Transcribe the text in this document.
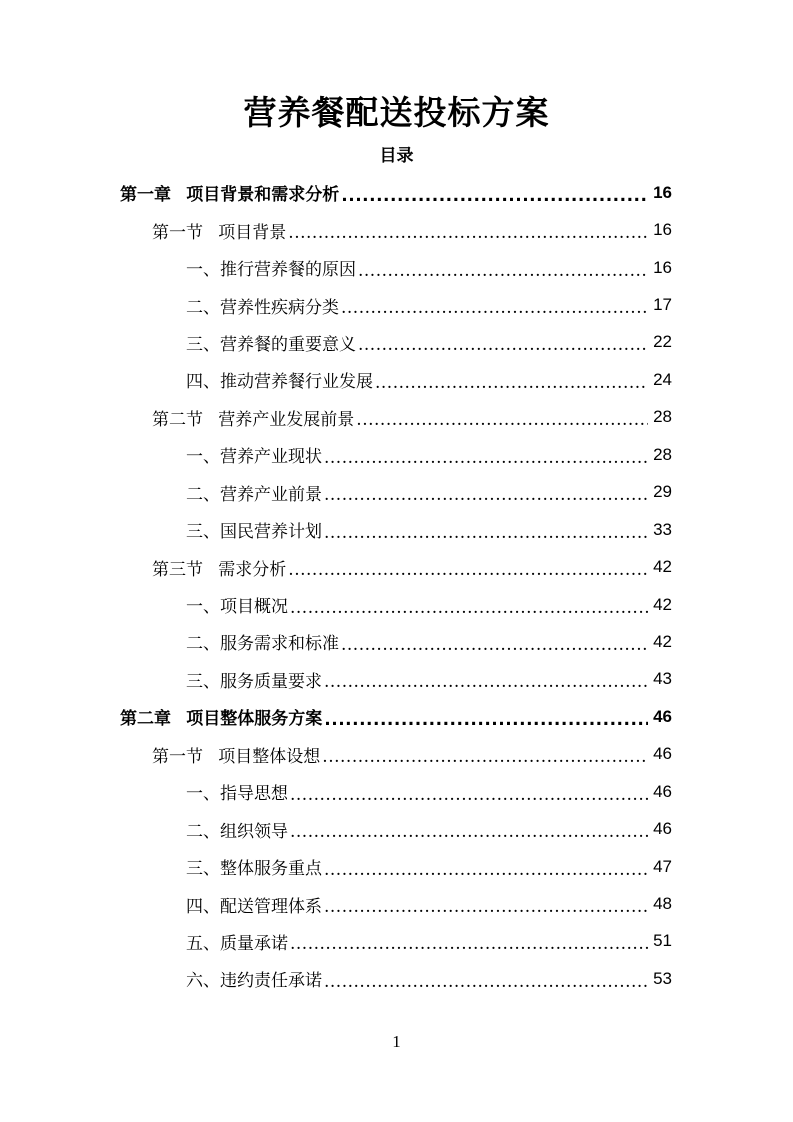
营养餐配送投标方案
目录
第一章 项目背景和需求分析 .....	16
第一节 项目背景 .....	16
一、推行营养餐的原因 .....	16
二、营养性疾病分类 .....	17
三、营养餐的重要意义 .....	22
四、推动营养餐行业发展 .....	24
第二节 营养产业发展前景 .....	28
一、营养产业现状 .....	28
二、营养产业前景 .....	29
三、国民营养计划 .....	33
第三节 需求分析 .....	42
一、项目概况 .....	42
二、服务需求和标准 .....	42
三、服务质量要求 .....	43
第二章 项目整体服务方案 .....	46
第一节 项目整体设想 .....	46
一、指导思想 .....	46
二、组织领导 .....	46
三、整体服务重点 .....	47
四、配送管理体系 .....	48
五、质量承诺 .....	51
六、违约责任承诺 .....	53
1
